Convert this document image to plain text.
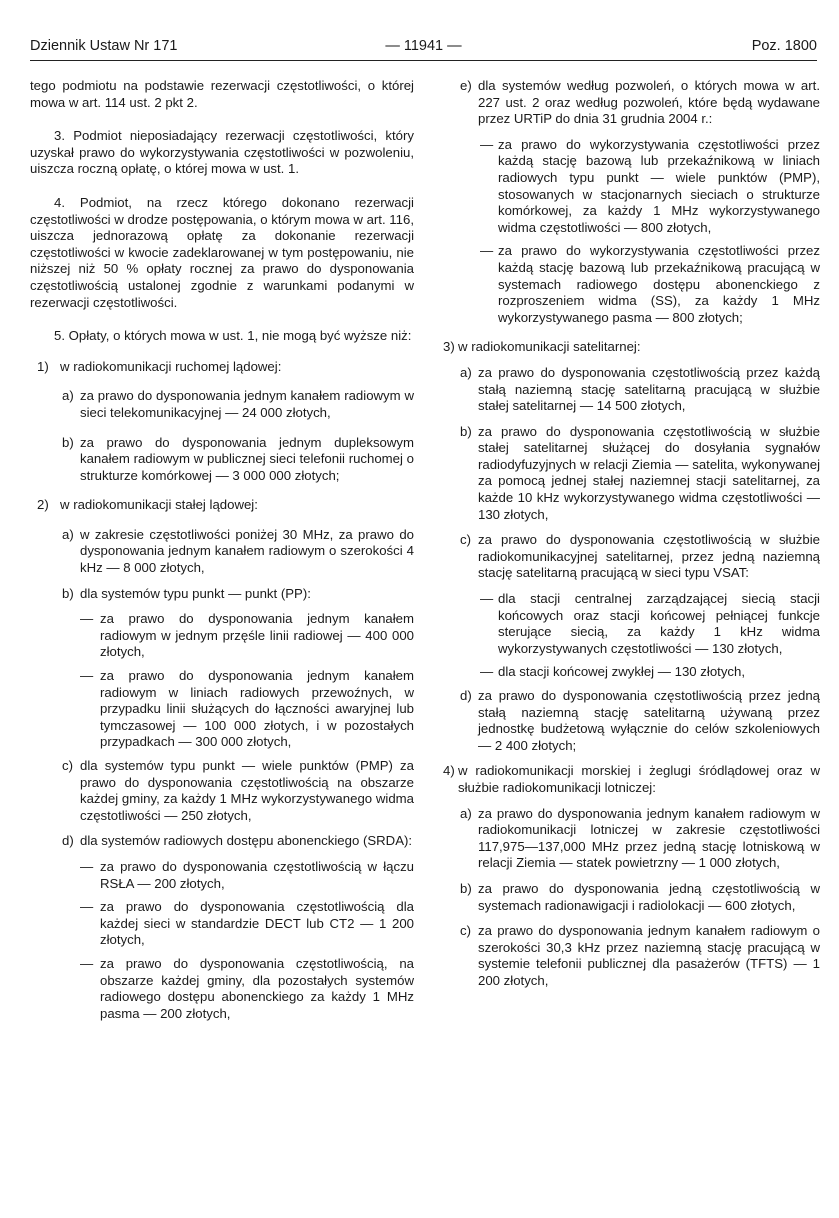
Dziennik Ustaw Nr 171	— 11941 —	Poz. 1800

tego podmiotu na podstawie rezerwacji częstotliwości, o której mowa w art. 114 ust. 2 pkt 2.

3. Podmiot nieposiadający rezerwacji częstotliwości, który uzyskał prawo do wykorzystywania częstotliwości w pozwoleniu, uiszcza roczną opłatę, o której mowa w ust. 1.

4. Podmiot, na rzecz którego dokonano rezerwacji częstotliwości w drodze postępowania, o którym mowa w art. 116, uiszcza jednorazową opłatę za dokonanie rezerwacji częstotliwości w kwocie zadeklarowanej w tym postępowaniu, nie niższej niż 50 % opłaty rocznej za prawo do dysponowania częstotliwością ustalonej zgodnie z warunkami podanymi w rezerwacji częstotliwości.

5. Opłaty, o których mowa w ust. 1, nie mogą być wyższe niż:

1) w radiokomunikacji ruchomej lądowej:
a) za prawo do dysponowania jednym kanałem radiowym w sieci telekomunikacyjnej — 24 000 złotych,
b) za prawo do dysponowania jednym dupleksowym kanałem radiowym w publicznej sieci telefonii ruchomej o strukturze komórkowej — 3 000 000 złotych;
2) w radiokomunikacji stałej lądowej:
a) w zakresie częstotliwości poniżej 30 MHz, za prawo do dysponowania jednym kanałem radiowym o szerokości 4 kHz — 8 000 złotych,
b) dla systemów typu punkt — punkt (PP):
— za prawo do dysponowania jednym kanałem radiowym w jednym przęśle linii radiowej — 400 000 złotych,
— za prawo do dysponowania jednym kanałem radiowym w liniach radiowych przewoźnych, w przypadku linii służących do łączności awaryjnej lub tymczasowej — 100 000 złotych, i w pozostałych przypadkach — 300 000 złotych,
c) dla systemów typu punkt — wiele punktów (PMP) za prawo do dysponowania częstotliwością na obszarze każdej gminy, za każdy 1 MHz wykorzystywanego widma częstotliwości — 250 złotych,
d) dla systemów radiowych dostępu abonenckiego (SRDA):
— za prawo do dysponowania częstotliwością w łączu RSŁA — 200 złotych,
— za prawo do dysponowania częstotliwością dla każdej sieci w standardzie DECT lub CT2 — 1 200 złotych,
— za prawo do dysponowania częstotliwością, na obszarze każdej gminy, dla pozostałych systemów radiowego dostępu abonenckiego za każdy 1 MHz pasma — 200 złotych,
e) dla systemów według pozwoleń, o których mowa w art. 227 ust. 2 oraz według pozwoleń, które będą wydawane przez URTiP do dnia 31 grudnia 2004 r.:
— za prawo do wykorzystywania częstotliwości przez każdą stację bazową lub przekaźnikową w liniach radiowych typu punkt — wiele punktów (PMP), stosowanych w stacjonarnych sieciach o strukturze komórkowej, za każdy 1 MHz wykorzystywanego widma częstotliwości — 800 złotych,
— za prawo do wykorzystywania częstotliwości przez każdą stację bazową lub przekaźnikową pracującą w systemach radiowego dostępu abonenckiego z rozproszeniem widma (SS), za każdy 1 MHz wykorzystywanego pasma — 800 złotych;
3) w radiokomunikacji satelitarnej:
a) za prawo do dysponowania częstotliwością przez każdą stałą naziemną stację satelitarną pracującą w służbie stałej satelitarnej — 14 500 złotych,
b) za prawo do dysponowania częstotliwością w służbie stałej satelitarnej służącej do dosyłania sygnałów radiodyfuzyjnych w relacji Ziemia — satelita, wykonywanej za pomocą jednej stałej naziemnej stacji satelitarnej, za każde 10 kHz wykorzystywanego widma częstotliwości — 130 złotych,
c) za prawo do dysponowania częstotliwością w służbie radiokomunikacyjnej satelitarnej, przez jedną naziemną stację satelitarną pracującą w sieci typu VSAT:
— dla stacji centralnej zarządzającej siecią stacji końcowych oraz stacji końcowej pełniącej funkcje sterujące siecią, za każdy 1 kHz widma wykorzystywanych częstotliwości — 130 złotych,
— dla stacji końcowej zwykłej — 130 złotych,
d) za prawo do dysponowania częstotliwością przez jedną stałą naziemną stację satelitarną używaną przez jednostkę budżetową wyłącznie do celów szkoleniowych — 2 400 złotych;
4) w radiokomunikacji morskiej i żeglugi śródlądowej oraz w służbie radiokomunikacji lotniczej:
a) za prawo do dysponowania jednym kanałem radiowym w radiokomunikacji lotniczej w zakresie częstotliwości 117,975—137,000 MHz przez jedną stację lotniskową w relacji Ziemia — statek powietrzny — 1 000 złotych,
b) za prawo do dysponowania jedną częstotliwością w systemach radionawigacji i radiolokacji — 600 złotych,
c) za prawo do dysponowania jednym kanałem radiowym o szerokości 30,3 kHz przez naziemną stację pracującą w systemie telefonii publicznej dla pasażerów (TFTS) — 1 200 złotych,
